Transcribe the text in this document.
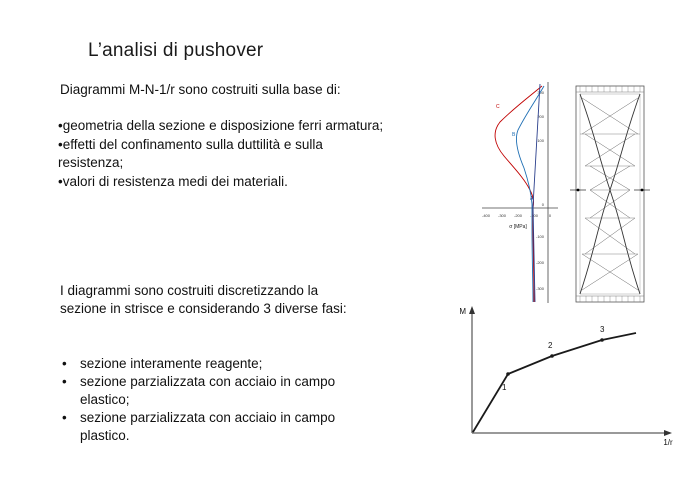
L’analisi di pushover
Diagrammi M-N-1/r sono costruiti sulla base di:
•geometria della sezione e disposizione ferri armatura;
•effetti del confinamento sulla duttilità e sulla resistenza;
•valori di resistenza medi dei materiali.
I diagrammi sono costruiti discretizzando la sezione in strisce e considerando 3 diverse fasi:
• sezione interamente reagente;
• sezione parzializzata con acciaio in campo elastico;
• sezione parzializzata con acciaio in campo plastico.
300
200
100
0
-100
-200
-300
-400 -300 -200 -100	0
σ [MPa]
C
B
A
M
1/r
1
2
3
